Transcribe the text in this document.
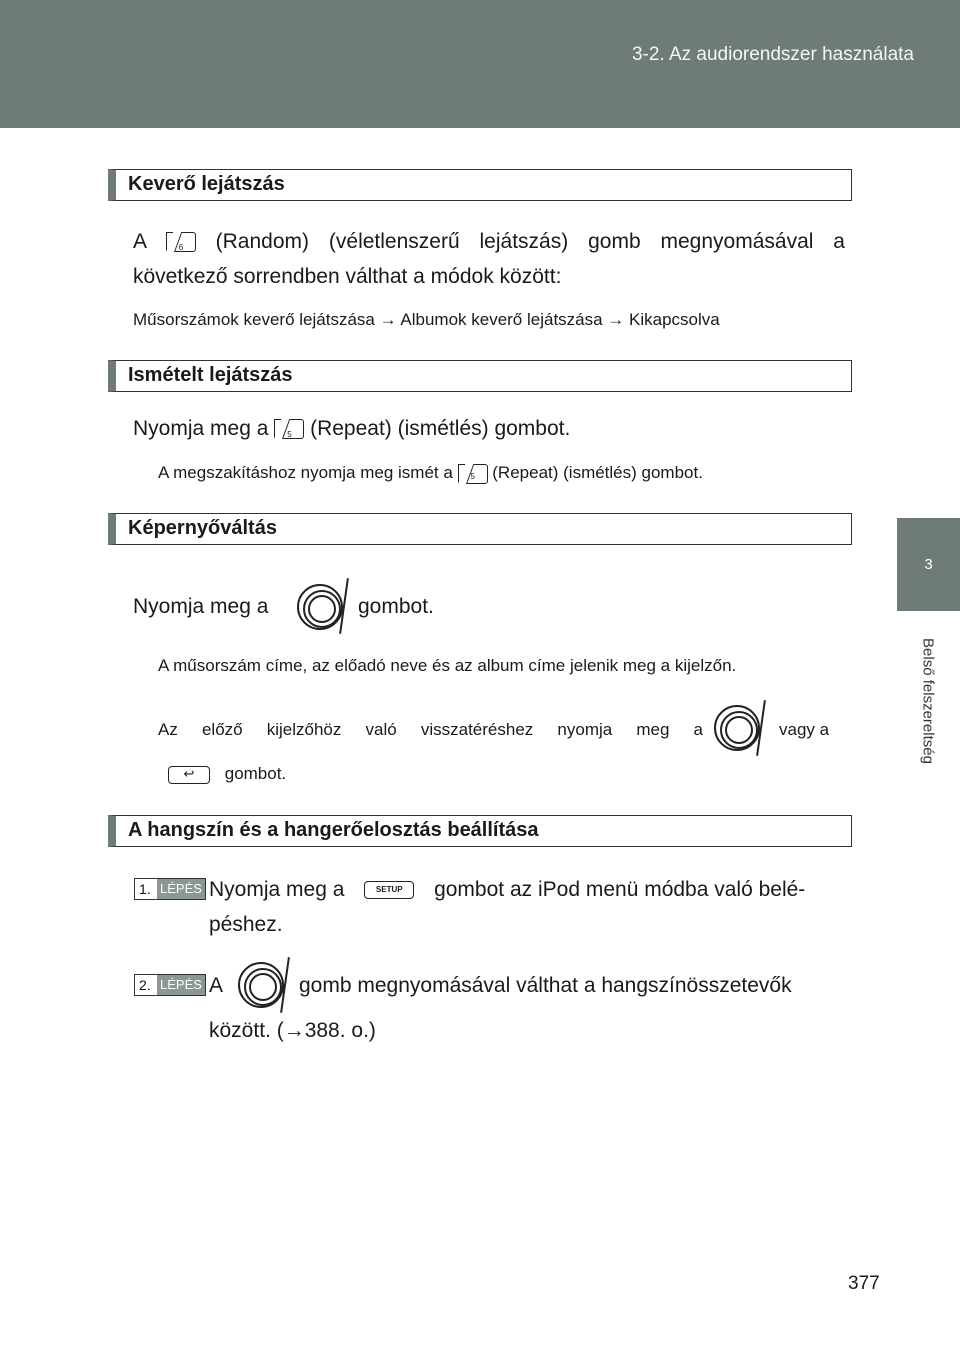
3-2. Az audiorendszer használata
3
Belső felszereltség
Keverő lejátszás
A	6 (Random) (véletlenszerű lejátszás) gomb megnyomásával a
következő sorrendben válthat a módok között:
Műsorszámok keverő lejátszása → Albumok keverő lejátszása → Kikapcsolva
Ismételt lejátszás
Nyomja meg a 5 (Repeat) (ismétlés) gombot.
A megszakításhoz nyomja meg ismét a 5 (Repeat) (ismétlés) gombot.
Képernyőváltás
Nyomja meg a	gombot.
A műsorszám címe, az előadó neve és az album címe jelenik meg a kijelzőn.
Az előző kijelzőhöz való visszatéréshez nyomja meg a	vagy a
↩ gombot.
A hangszín és a hangerőelosztás beállítása
1. LÉPÉS Nyomja meg a	SETUP gombot az iPod menü módba való belé-
péshez.
2. LÉPÉS A	gomb megnyomásával válthat a hangszínösszetevők
között. (→388. o.)
377
